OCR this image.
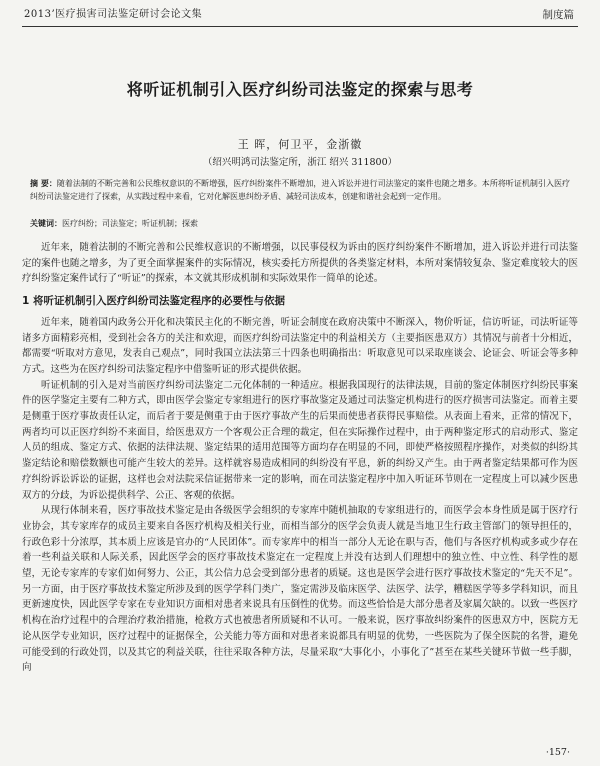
2013’医疗损害司法鉴定研讨会论文集	制度篇
将听证机制引入医疗纠纷司法鉴定的探索与思考
王 晖，何卫平，金浙徽
（绍兴明鸿司法鉴定所，浙江 绍兴 311800）
摘 要：随着法制的不断完善和公民维权意识的不断增强，医疗纠纷案件不断增加，进入诉讼并进行司法鉴定的案件也随之增多。本所将听证机制引入医疗纠纷司法鉴定进行了探索，从实践过程中来看，它对化解医患纠纷矛盾、减轻司法成本，创建和谐社会起到一定作用。
关键词：医疗纠纷；司法鉴定；听证机制；探索

近年来，随着法制的不断完善和公民维权意识的不断增强，以民事侵权为诉由的医疗纠纷案件不断增加，进入诉讼并进行司法鉴定的案件也随之增多，为了更全面掌握案件的实际情况，核实委托方所提供的各类鉴定材料，本所对案情较复杂、鉴定难度较大的医疗纠纷鉴定案件试行了“听证”的探索，本文就其形成机制和实际效果作一简单的论述。

1 将听证机制引入医疗纠纷司法鉴定程序的必要性与依据

近年来，随着国内政务公开化和决策民主化的不断完善，听证会制度在政府决策中不断深入，物价听证，信访听证，司法听证等诸多方面精彩亮相，受到社会各方的关注和欢迎，而医疗纠纷司法鉴定中的利益相关方（主要指医患双方）其情况与前者十分相近，都需要“听取对方意见，发表自己观点”，同时我国立法法第三十四条也明确指出：听取意见可以采取座谈会、论证会、听证会等多种方式。这些为在医疗纠纷司法鉴定程序中借鉴听证的形式提供依据。

听证机制的引入是对当前医疗纠纷司法鉴定二元化体制的一种适应。根据我国现行的法律法规，目前的鉴定体制医疗纠纷民事案件的医学鉴定主要有二种方式，即由医学会鉴定专家组进行的医疗事故鉴定及通过司法鉴定机构进行的医疗损害司法鉴定。而着主要是侧重于医疗事故责任认定，而后者于要是侧重于由于医疗事故产生的后果而使患者获得民事赔偿。从表面上看来，正常的情况下，两者均可以正医疗纠纷不来面目，给医患双方一个客观公正合理的裁定，但在实际操作过程中，由于两种鉴定形式的启动形式、鉴定人员的组成、鉴定方式、依据的法律法规、鉴定结果的适用范围等方面均存在明显的不同，即使严格按照程序操作，对类似的纠纷其鉴定结论和赔偿数额也可能产生较大的差异。这样就容易造成相同的纠纷没有平息，新的纠纷又产生。由于两者鉴定结果都可作为医疗纠纷诉讼诉讼的证据，这样也会对法院采信证据带来一定的影响，而在司法鉴定程序中加入听证环节则在一定程度上可以减少医患双方的分歧，为诉讼提供科学、公正、客观的依据。

从现行体制来看，医疗事故技术鉴定是由各级医学会组织的专家库中随机抽取的专家组进行的，而医学会本身性质是属于医疗行业协会，其专家库存的成员主要来自各医疗机构及相关行业，而相当部分的医学会负责人就是当地卫生行政主管部门的领导担任的，行政色彩十分浓厚，其本质上应该是官办的“人民团体”。而专家库中的相当一部分人无论在职与否，他们与各医疗机构或多或少存在着一些利益关联和人际关系，因此医学会的医疗事故技术鉴定在一定程度上并没有达到人们理想中的独立性、中立性、科学性的愿望，无论专家库的专家们如何努力、公正，其公信力总会受到部分患者的质疑。这也是医学会进行医疗事故技术鉴定的“先天不足”。另一方面，由于医疗事故技术鉴定所涉及到的医学学科门类广，鉴定需涉及临床医学、法医学、法学，糟糕医学等多学科知识，而且更新速度快，因此医学专家在专业知识方面相对患者来说具有压倒性的优势。而这些恰恰是大部分患者及家属欠缺的。以致一些医疗机构在治疗过程中的合理治疗救治措施，枪救方式也被患者所质疑和不认可。一般来说，医疗事故纠纷案件的医患双方中，医院方无论从医学专业知识，医疗过程中的证据保全，公关能力等方面和对患者来说都具有明显的优势，一些医院为了保全医院的名誉，避免可能受到的行政处罚，以及其它的利益关联，往往采取各种方法，尽量采取“大事化小，小事化了”甚至在某些关键环节做一些手脚，向

·157·
